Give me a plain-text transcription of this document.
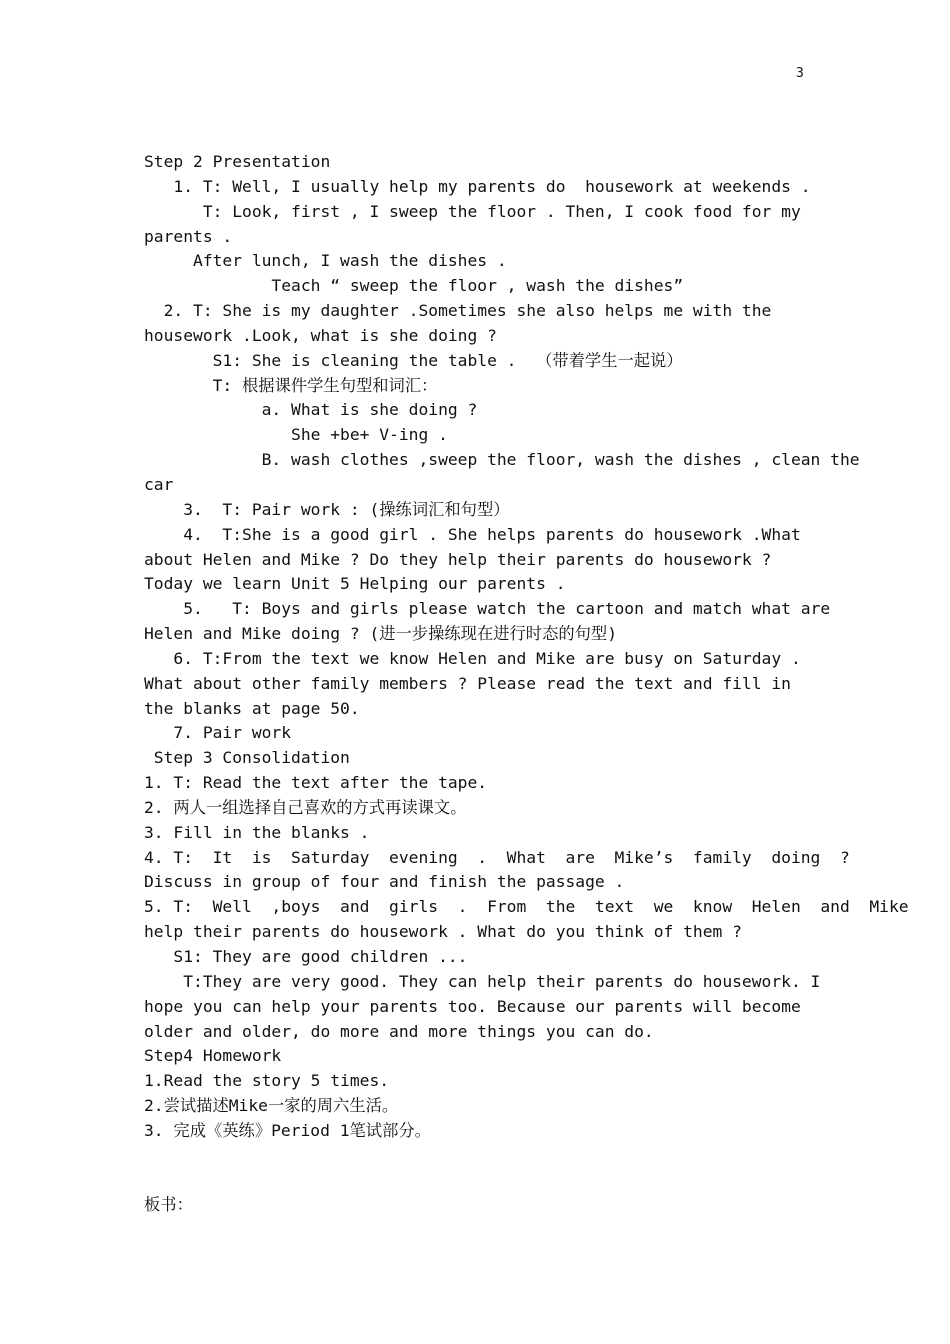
3
Step 2 Presentation
1. T: Well, I usually help my parents do  housework at weekends .
T: Look, first , I sweep the floor . Then, I cook food for my
parents .
After lunch, I wash the dishes .
Teach “ sweep the floor , wash the dishes”
2. T: She is my daughter .Sometimes she also helps me with the
housework .Look, what is she doing ?
S1: She is cleaning the table .  （带着学生一起说）
T: 根据课件学生句型和词汇：
a. What is she doing ?
She +be+ V-ing .
B. wash clothes ,sweep the floor, wash the dishes , clean the
car
3.  T: Pair work : (操练词汇和句型）
4.  T:She is a good girl . She helps parents do housework .What
about Helen and Mike ? Do they help their parents do housework ?
Today we learn Unit 5 Helping our parents .
5.   T: Boys and girls please watch the cartoon and match what are
Helen and Mike doing ? (进一步操练现在进行时态的句型)
6. T:From the text we know Helen and Mike are busy on Saturday .
What about other family members ? Please read the text and fill in
the blanks at page 50.
7. Pair work
Step 3 Consolidation
1. T: Read the text after the tape.
2. 两人一组选择自己喜欢的方式再读课文。
3. Fill in the blanks .
4. T:  It  is  Saturday  evening  .  What  are  Mike’s  family  doing  ?
Discuss in group of four and finish the passage .
5. T:  Well  ,boys  and  girls  .  From  the  text  we  know  Helen  and  Mike
help their parents do housework . What do you think of them ?
S1: They are good children ...
T:They are very good. They can help their parents do housework. I
hope you can help your parents too. Because our parents will become
older and older, do more and more things you can do.
Step4 Homework
1.Read the story 5 times.
2.尝试描述Mike一家的周六生活。
3. 完成《英练》Period 1笔试部分。
板书：
